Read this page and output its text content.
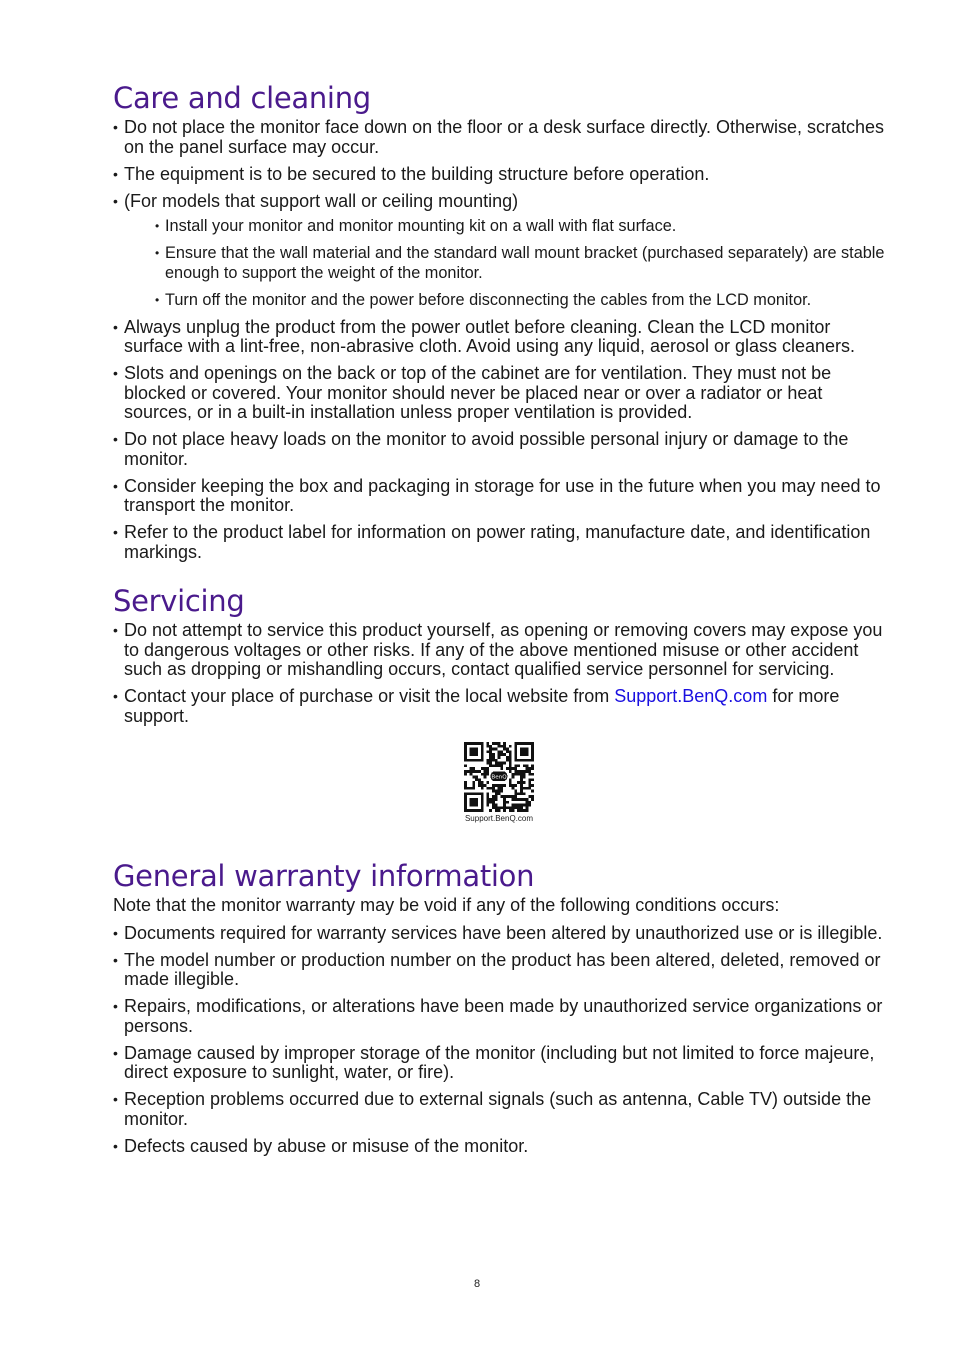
Care and cleaning
• Do not place the monitor face down on the floor or a desk surface directly. Otherwise, scratches on the panel surface may occur.
• The equipment is to be secured to the building structure before operation.
• (For models that support wall or ceiling mounting)
• Install your monitor and monitor mounting kit on a wall with flat surface.
• Ensure that the wall material and the standard wall mount bracket (purchased separately) are stable enough to support the weight of the monitor.
• Turn off the monitor and the power before disconnecting the cables from the LCD monitor.
• Always unplug the product from the power outlet before cleaning. Clean the LCD monitor surface with a lint-free, non-abrasive cloth. Avoid using any liquid, aerosol or glass cleaners.
• Slots and openings on the back or top of the cabinet are for ventilation. They must not be blocked or covered. Your monitor should never be placed near or over a radiator or heat sources, or in a built-in installation unless proper ventilation is provided.
• Do not place heavy loads on the monitor to avoid possible personal injury or damage to the monitor.
• Consider keeping the box and packaging in storage for use in the future when you may need to transport the monitor.
• Refer to the product label for information on power rating, manufacture date, and identification markings.
Servicing
• Do not attempt to service this product yourself, as opening or removing covers may expose you to dangerous voltages or other risks. If any of the above mentioned misuse or other accident such as dropping or mishandling occurs, contact qualified service personnel for servicing.
• Contact your place of purchase or visit the local website from Support.BenQ.com for more support.
BenQ
Support.BenQ.com
General warranty information

Note that the monitor warranty may be void if any of the following conditions occurs:

• Documents required for warranty services have been altered by unauthorized use or is illegible.
• The model number or production number on the product has been altered, deleted, removed or made illegible.
• Repairs, modifications, or alterations have been made by unauthorized service organizations or persons.
• Damage caused by improper storage of the monitor (including but not limited to force majeure, direct exposure to sunlight, water, or fire).
• Reception problems occurred due to external signals (such as antenna, Cable TV) outside the monitor.
• Defects caused by abuse or misuse of the monitor.
8
